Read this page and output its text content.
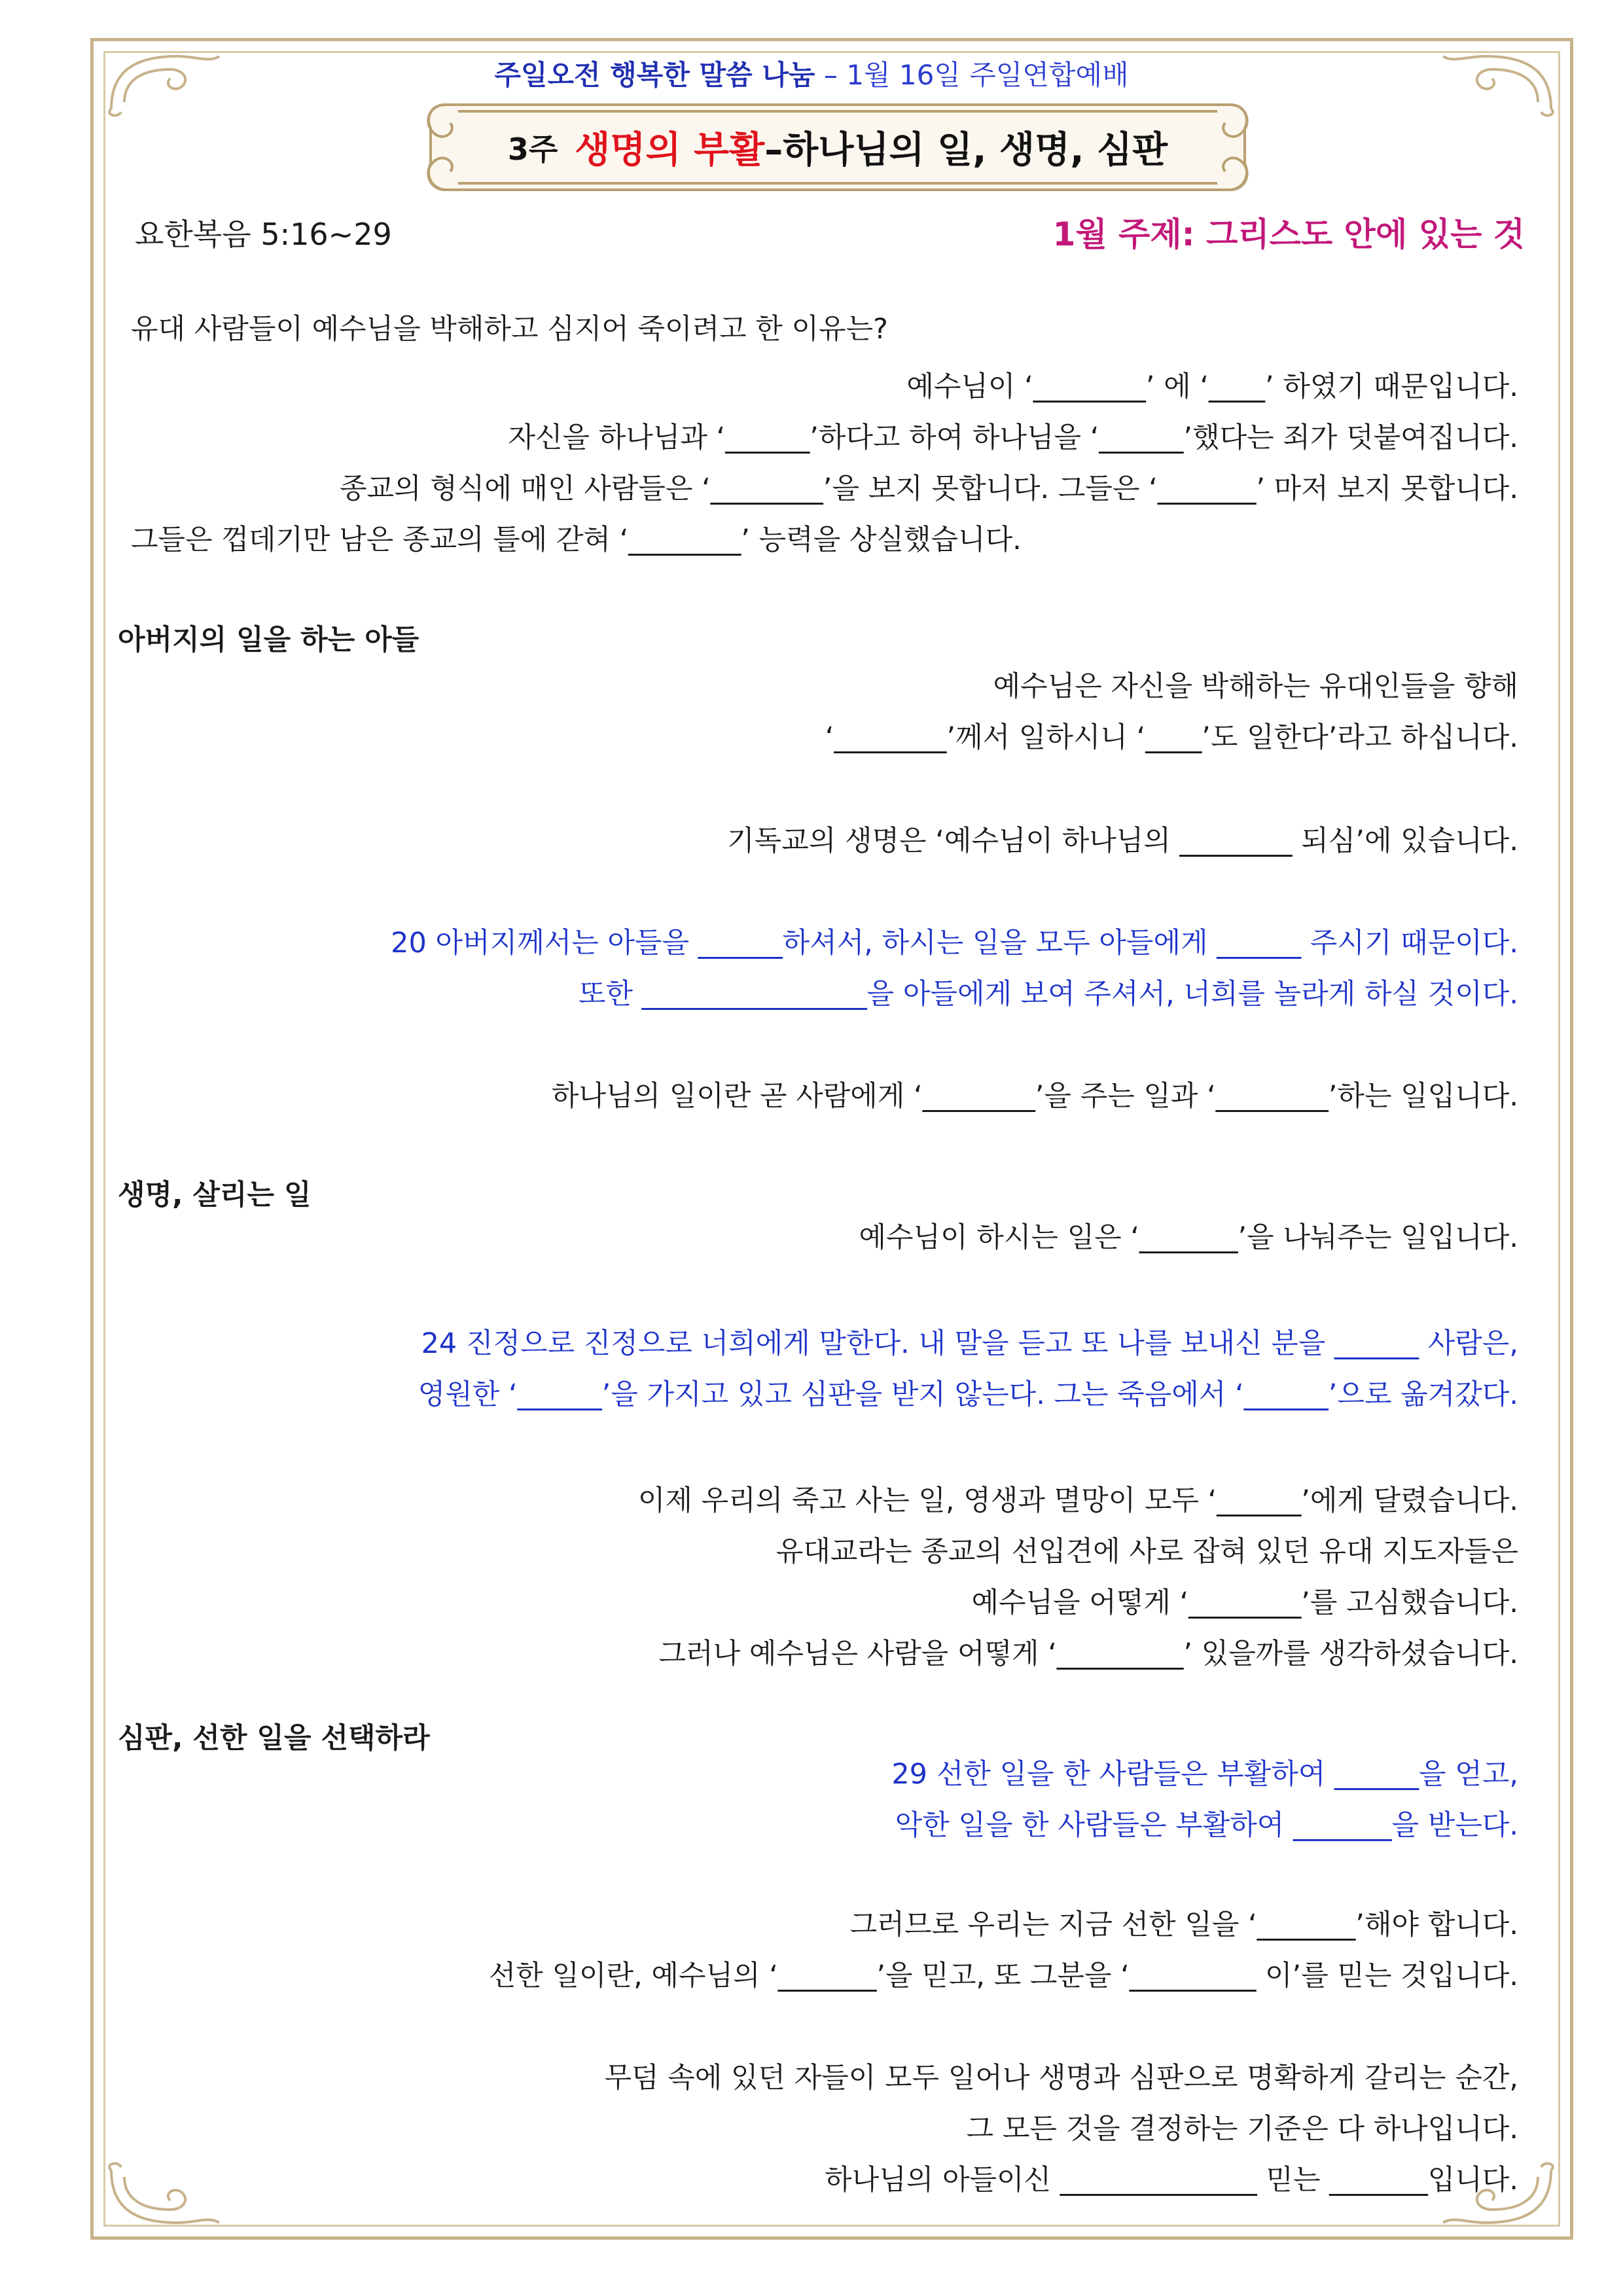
주일오전 행복한 말씀 나눔 – 1월 16일 주일연합예배
3주 생명의 부활 –하나님의 일, 생명, 심판
요한복음 5:16~29	1월 주제: 그리스도 안에 있는 것
유대 사람들이 예수님을 박해하고 심지어 죽이려고 한 이유는?
예수님이 ‘________’ 에 ‘____’ 하였기 때문입니다.
자신을 하나님과 ‘______’하다고 하여 하나님을 ‘______’했다는 죄가 덧붙여집니다.
종교의 형식에 매인 사람들은 ‘________’을 보지 못합니다. 그들은 ‘_______’ 마저 보지 못합니다.
그들은 껍데기만 남은 종교의 틀에 갇혀 ‘________’ 능력을 상실했습니다.
아버지의 일을 하는 아들
예수님은 자신을 박해하는 유대인들을 향해
‘________’께서 일하시니 ‘____’도 일한다’라고 하십니다.
기독교의 생명은 ‘예수님이 하나님의 ________ 되심’에 있습니다.
20 아버지께서는 아들을 ______하셔서, 하시는 일을 모두 아들에게 ______ 주시기 때문이다.
또한 ________________을 아들에게 보여 주셔서, 너희를 놀라게 하실 것이다.
하나님의 일이란 곧 사람에게 ‘________’을 주는 일과 ‘________’하는 일입니다.
생명, 살리는 일
예수님이 하시는 일은 ‘_______’을 나눠주는 일입니다.
24 진정으로 진정으로 너희에게 말한다. 내 말을 듣고 또 나를 보내신 분을 ______ 사람은,
영원한 ‘______’을 가지고 있고 심판을 받지 않는다. 그는 죽음에서 ‘______’으로 옮겨갔다.
이제 우리의 죽고 사는 일, 영생과 멸망이 모두 ‘______’에게 달렸습니다.
유대교라는 종교의 선입견에 사로 잡혀 있던 유대 지도자들은
예수님을 어떻게 ‘________’를 고심했습니다.
그러나 예수님은 사람을 어떻게 ‘_________’ 있을까를 생각하셨습니다.
심판, 선한 일을 선택하라
29 선한 일을 한 사람들은 부활하여 ______을 얻고,
악한 일을 한 사람들은 부활하여 _______을 받는다.
그러므로 우리는 지금 선한 일을 ‘_______’해야 합니다.
선한 일이란, 예수님의 ‘_______’을 믿고, 또 그분을 ‘_________ 이’를 믿는 것입니다.
무덤 속에 있던 자들이 모두 일어나 생명과 심판으로 명확하게 갈리는 순간,
그 모든 것을 결정하는 기준은 다 하나입니다.
하나님의 아들이신 ______________ 믿는 _______입니다.
